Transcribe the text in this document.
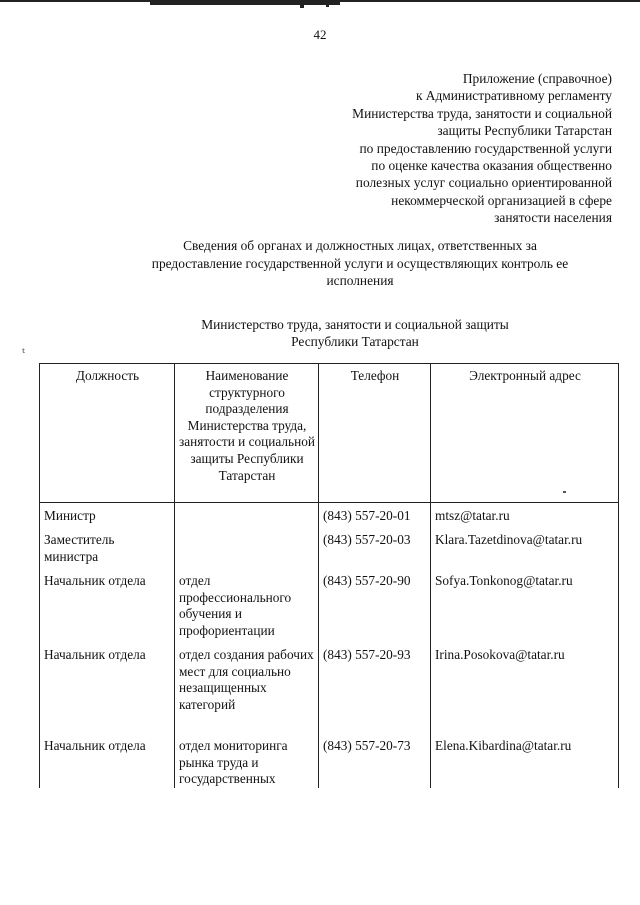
42
Приложение (справочное)
к Административному регламенту
Министерства труда, занятости и социальной
защиты Республики Татарстан
по предоставлению государственной услуги
по оценке качества оказания общественно
полезных услуг социально ориентированной
некоммерческой организацией в сфере
занятости населения
Сведения об органах и должностных лицах, ответственных за
предоставление государственной услуги и осуществляющих контроль ее
исполнения
Министерство труда, занятости и социальной защиты
Республики Татарстан
ₜ
Должность	Наименование структурного подразделения Министерства труда, занятости и социальной защиты Республики Татарстан	Телефон	Электронный адрес
Министр		(843) 557-20-01	mtsz@tatar.ru
Заместитель министра		(843) 557-20-03	Klara.Tazetdinova@tatar.ru
Начальник отдела	отдел профессионального обучения и профориентации	(843) 557-20-90	Sofya.Tonkonog@tatar.ru
Начальник отдела	отдел создания рабочих мест для социально незащищенных категорий	(843) 557-20-93	Irina.Posokova@tatar.ru
Начальник отдела	отдел мониторинга рынка труда и государственных	(843) 557-20-73	Elena.Kibardina@tatar.ru
